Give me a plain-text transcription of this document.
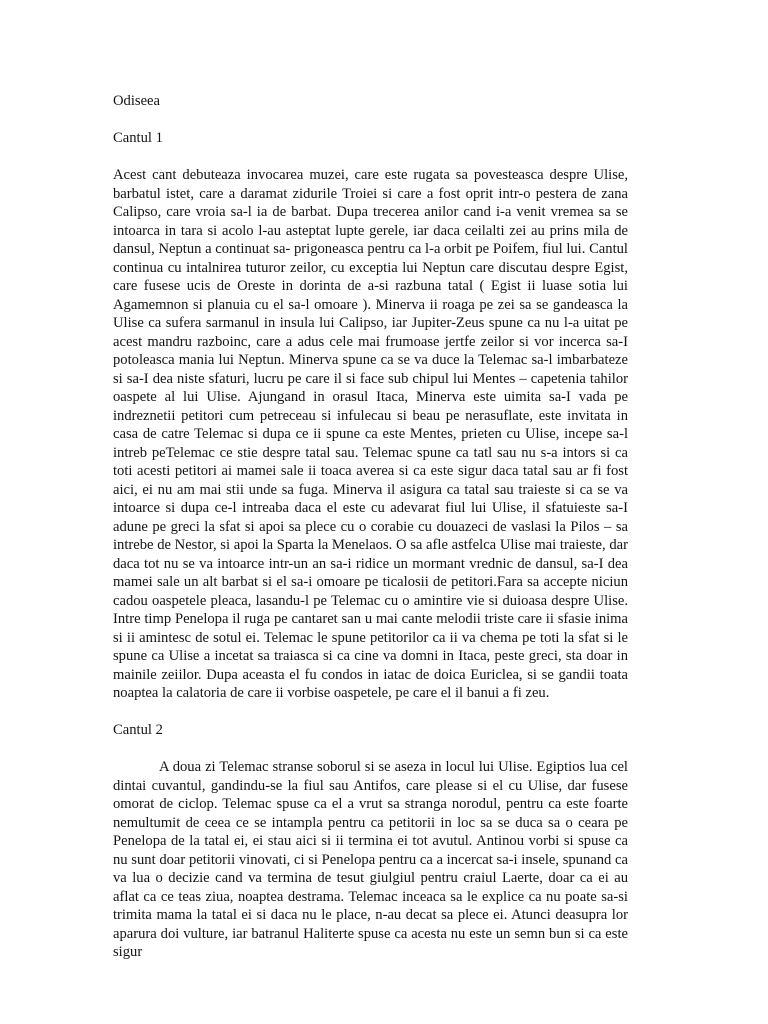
Odiseea

Cantul 1

Acest cant debuteaza invocarea muzei, care este rugata sa povesteasca despre Ulise, barbatul istet, care a daramat zidurile Troiei si care a fost oprit intr-o pestera de zana Calipso, care vroia sa-l ia de barbat. Dupa trecerea anilor cand i-a venit vremea sa se intoarca in tara si acolo l-au asteptat lupte gerele, iar daca ceilalti zei au prins mila de dansul, Neptun a continuat sa- prigoneasca pentru ca l-a orbit pe Poifem, fiul lui. Cantul continua cu intalnirea tuturor zeilor, cu exceptia lui Neptun care discutau despre Egist, care fusese ucis de Oreste in dorinta de a-si razbuna tatal ( Egist ii luase sotia lui Agamemnon si planuia cu el sa-l omoare ). Minerva ii roaga pe zei sa se gandeasca la Ulise ca sufera sarmanul in insula lui Calipso, iar Jupiter-Zeus spune ca nu l-a uitat pe acest mandru razboinc, care a adus cele mai frumoase jertfe zeilor si vor incerca sa-I potoleasca mania lui Neptun. Minerva spune ca se va duce la Telemac sa-l imbarbateze si sa-I dea niste sfaturi, lucru pe care il si face sub chipul lui Mentes – capetenia tahilor oaspete al lui Ulise. Ajungand in orasul Itaca, Minerva este uimita sa-I vada pe indreznetii petitori cum petreceau si infulecau si beau pe nerasuflate, este invitata in casa de catre Telemac si dupa ce ii spune ca este Mentes, prieten cu Ulise, incepe sa-l intreb peTelemac ce stie despre tatal sau. Telemac spune ca tatl sau nu s-a intors si ca toti acesti petitori ai mamei sale ii toaca averea si ca este sigur daca tatal sau ar fi fost aici, ei nu am mai stii unde sa fuga. Minerva il asigura ca tatal sau traieste si ca se va intoarce si dupa ce-l intreaba daca el este cu adevarat fiul lui Ulise, il sfatuieste sa-I adune pe greci la sfat si apoi sa plece cu o corabie cu douazeci de vaslasi la Pilos – sa intrebe de Nestor, si apoi la Sparta la Menelaos. O sa afle astfelca Ulise mai traieste, dar daca tot nu se va intoarce intr-un an sa-i ridice un mormant vrednic de dansul, sa-I dea mamei sale un alt barbat si el sa-i omoare pe ticalosii de petitori.Fara sa accepte niciun cadou oaspetele pleaca, lasandu-l pe Telemac cu o amintire vie si duioasa despre Ulise. Intre timp Penelopa il ruga pe cantaret san u mai cante melodii triste care ii sfasie inima si ii amintesc de sotul ei. Telemac le spune petitorilor ca ii va chema pe toti la sfat si le spune ca Ulise a incetat sa traiasca si ca cine va domni in Itaca, peste greci, sta doar in mainile zeiilor. Dupa aceasta el fu condos in iatac de doica Euriclea, si se gandii toata noaptea la calatoria de care ii vorbise oaspetele, pe care el il banui a fi zeu.

Cantul 2

A doua zi Telemac stranse soborul si se aseza in locul lui Ulise. Egiptios lua cel dintai cuvantul, gandindu-se la fiul sau Antifos, care please si el cu Ulise, dar fusese omorat de ciclop. Telemac spuse ca el a vrut sa stranga norodul, pentru ca este foarte nemultumit de ceea ce se intampla pentru ca petitorii in loc sa se duca sa o ceara pe Penelopa de la tatal ei, ei stau aici si ii termina ei tot avutul. Antinou vorbi si spuse ca nu sunt doar petitorii vinovati, ci si Penelopa pentru ca a incercat sa-i insele, spunand ca va lua o decizie cand va termina de tesut giulgiul pentru craiul Laerte, doar ca ei au aflat ca ce teas ziua, noaptea destrama. Telemac inceaca sa le explice ca nu poate sa-si trimita mama la tatal ei si daca nu le place, n-au decat sa plece ei. Atunci deasupra lor aparura doi vulture, iar batranul Haliterte spuse ca acesta nu este un semn bun si ca este sigur
